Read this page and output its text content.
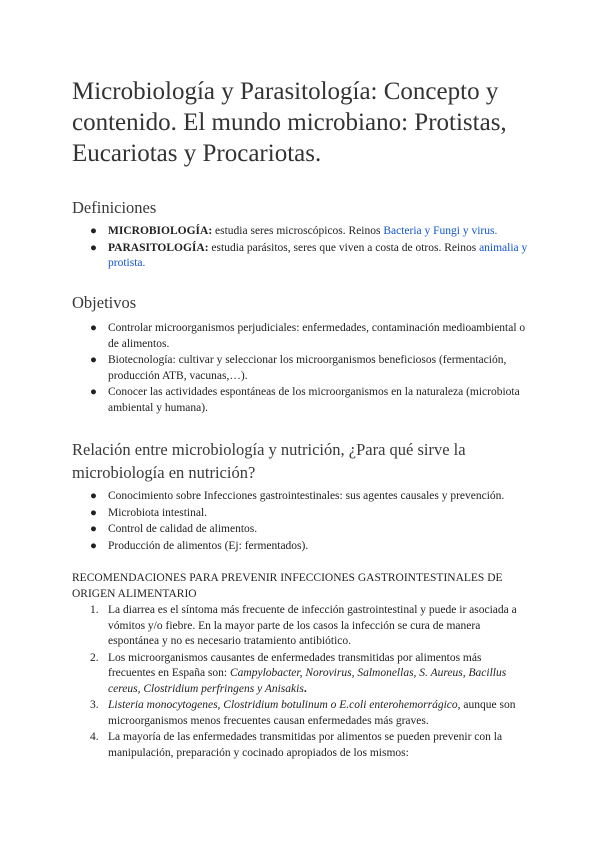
Microbiología y Parasitología: Concepto y contenido. El mundo microbiano: Protistas, Eucariotas y Procariotas.
Definiciones
● MICROBIOLOGÍA: estudia seres microscópicos. Reinos Bacteria y Fungi y virus.
● PARASITOLOGÍA: estudia parásitos, seres que viven a costa de otros. Reinos animalia y protista.
Objetivos
● Controlar microorganismos perjudiciales: enfermedades, contaminación medioambiental o de alimentos.
● Biotecnología: cultivar y seleccionar los microorganismos beneficiosos (fermentación, producción ATB, vacunas,…).
● Conocer las actividades espontáneas de los microorganismos en la naturaleza (microbiota ambiental y humana).
Relación entre microbiología y nutrición, ¿Para qué sirve la microbiología en nutrición?
● Conocimiento sobre Infecciones gastrointestinales: sus agentes causales y prevención.
● Microbiota intestinal.
● Control de calidad de alimentos.
● Producción de alimentos (Ej: fermentados).
RECOMENDACIONES PARA PREVENIR INFECCIONES GASTROINTESTINALES DE ORIGEN ALIMENTARIO
1. La diarrea es el síntoma más frecuente de infección gastrointestinal y puede ir asociada a vómitos y/o fiebre. En la mayor parte de los casos la infección se cura de manera espontánea y no es necesario tratamiento antibiótico.
2. Los microorganismos causantes de enfermedades transmitidas por alimentos más frecuentes en España son: Campylobacter, Norovirus, Salmonellas, S. Aureus, Bacillus cereus, Clostridium perfringens y Anisakis.
3. Listeria monocytogenes, Clostridium botulinum o E.coli enterohemorrágico, aunque son microorganismos menos frecuentes causan enfermedades más graves.
4. La mayoría de las enfermedades transmitidas por alimentos se pueden prevenir con la manipulación, preparación y cocinado apropiados de los mismos:
